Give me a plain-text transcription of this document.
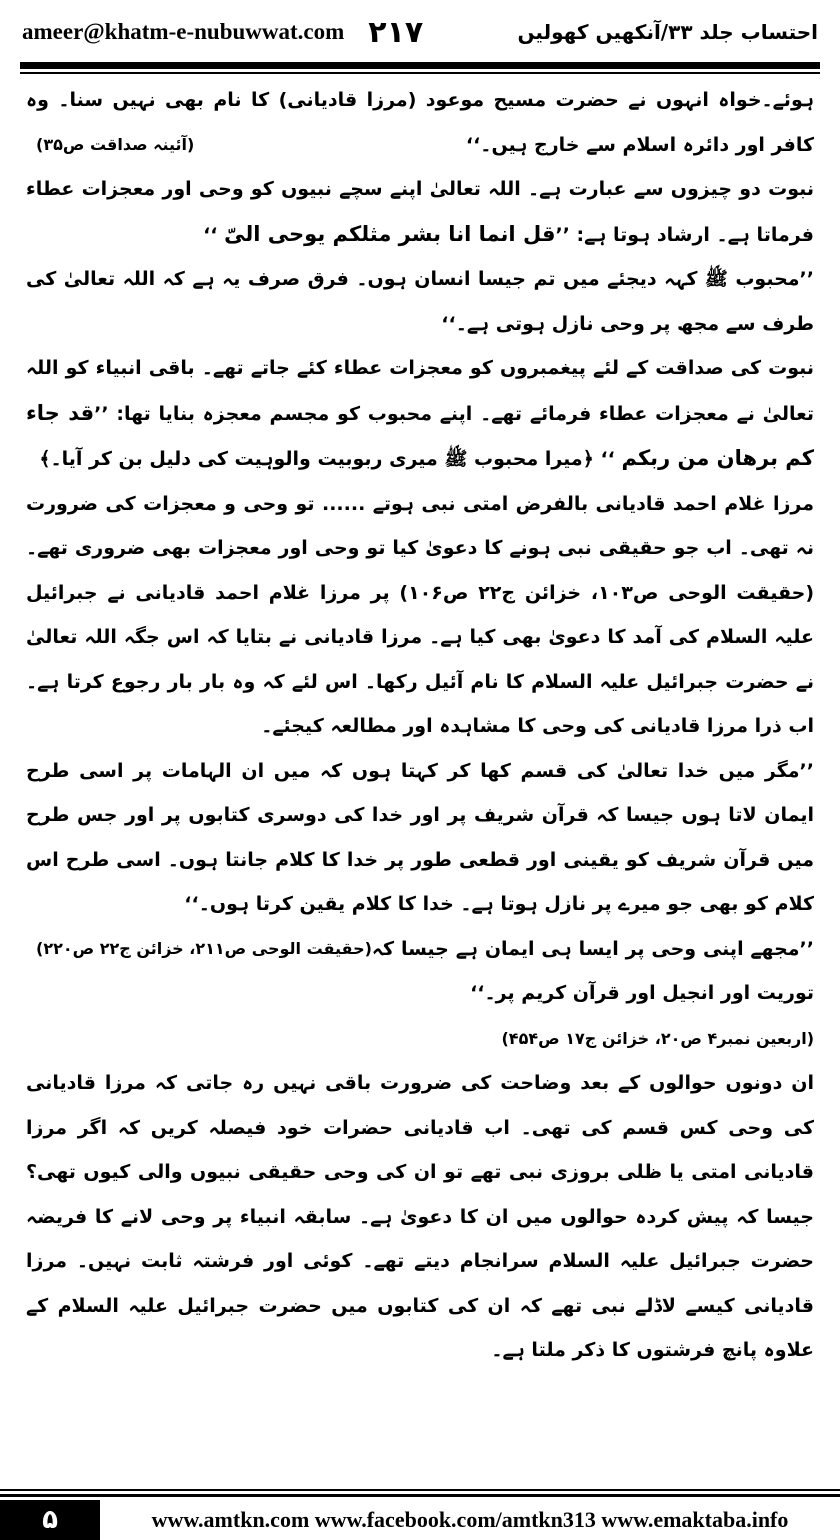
ameer@khatm-e-nubuwwat.com ۲۱۷	احتساب جلد ۳۳/آنکھیں کھولیں

ہوئے۔خواہ انہوں نے حضرت مسیح موعود (مرزا قادیانی) کا نام بھی نہیں سنا۔ وہ کافر اور دائرہ اسلام سے خارج ہیں۔‘‘
(آئینہ صداقت ص۳۵)

نبوت دو چیزوں سے عبارت ہے۔ اللہ تعالیٰ اپنے سچے نبیوں کو وحی اور معجزات عطاء فرماتا ہے۔ ارشاد ہوتا ہے: ’’قل انما انا بشر مثلکم یوحی الیّ ‘‘

’’محبوب ﷺ کہہ دیجئے میں تم جیسا انسان ہوں۔ فرق صرف یہ ہے کہ اللہ تعالیٰ کی طرف سے مجھ پر وحی نازل ہوتی ہے۔‘‘

نبوت کی صداقت کے لئے پیغمبروں کو معجزات عطاء کئے جاتے تھے۔ باقی انبیاء کو اللہ تعالیٰ نے معجزات عطاء فرمائے تھے۔ اپنے محبوب کو مجسم معجزہ بنایا تھا: ’’قد جاء کم برھان من ربکم ‘‘ ﴿میرا محبوب ﷺ میری ربوبیت والوہیت کی دلیل بن کر آیا۔﴾

مرزا غلام احمد قادیانی بالفرض امتی نبی ہوتے ...... تو وحی و معجزات کی ضرورت نہ تھی۔ اب جو حقیقی نبی ہونے کا دعویٰ کیا تو وحی اور معجزات بھی ضروری تھے۔ (حقیقت الوحی ص۱۰۳، خزائن ج۲۲ ص۱۰۶) پر مرزا غلام احمد قادیانی نے جبرائیل علیہ السلام کی آمد کا دعویٰ بھی کیا ہے۔ مرزا قادیانی نے بتایا کہ اس جگہ اللہ تعالیٰ نے حضرت جبرائیل علیہ السلام کا نام آئیل رکھا۔ اس لئے کہ وہ بار بار رجوع کرتا ہے۔ اب ذرا مرزا قادیانی کی وحی کا مشاہدہ اور مطالعہ کیجئے۔

’’مگر میں خدا تعالیٰ کی قسم کھا کر کہتا ہوں کہ میں ان الہامات پر اسی طرح ایمان لاتا ہوں جیسا کہ قرآن شریف پر اور خدا کی دوسری کتابوں پر اور جس طرح میں قرآن شریف کو یقینی اور قطعی طور پر خدا کا کلام جانتا ہوں۔ اسی طرح اس کلام کو بھی جو میرے پر نازل ہوتا ہے۔ خدا کا کلام یقین کرتا ہوں۔‘‘
(حقیقت الوحی ص۲۱۱، خزائن ج۲۲ ص۲۲۰) ’’مجھے اپنی وحی پر ایسا ہی ایمان ہے جیسا کہ توریت اور انجیل اور قرآن کریم پر۔‘‘

(اربعین نمبر۴ ص۲۰، خزائن ج۱۷ ص۴۵۴)

ان دونوں حوالوں کے بعد وضاحت کی ضرورت باقی نہیں رہ جاتی کہ مرزا قادیانی کی وحی کس قسم کی تھی۔ اب قادیانی حضرات خود فیصلہ کریں کہ اگر مرزا قادیانی امتی یا ظلی بروزی نبی تھے تو ان کی وحی حقیقی نبیوں والی کیوں تھی؟ جیسا کہ پیش کردہ حوالوں میں ان کا دعویٰ ہے۔ سابقہ انبیاء پر وحی لانے کا فریضہ حضرت جبرائیل علیہ السلام سرانجام دیتے تھے۔ کوئی اور فرشتہ ثابت نہیں۔ مرزا قادیانی کیسے لاڈلے نبی تھے کہ ان کی کتابوں میں حضرت جبرائیل علیہ السلام کے علاوہ پانچ فرشتوں کا ذکر ملتا ہے۔

۵	www.amtkn.com www.facebook.com/amtkn313 www.emaktaba.info
